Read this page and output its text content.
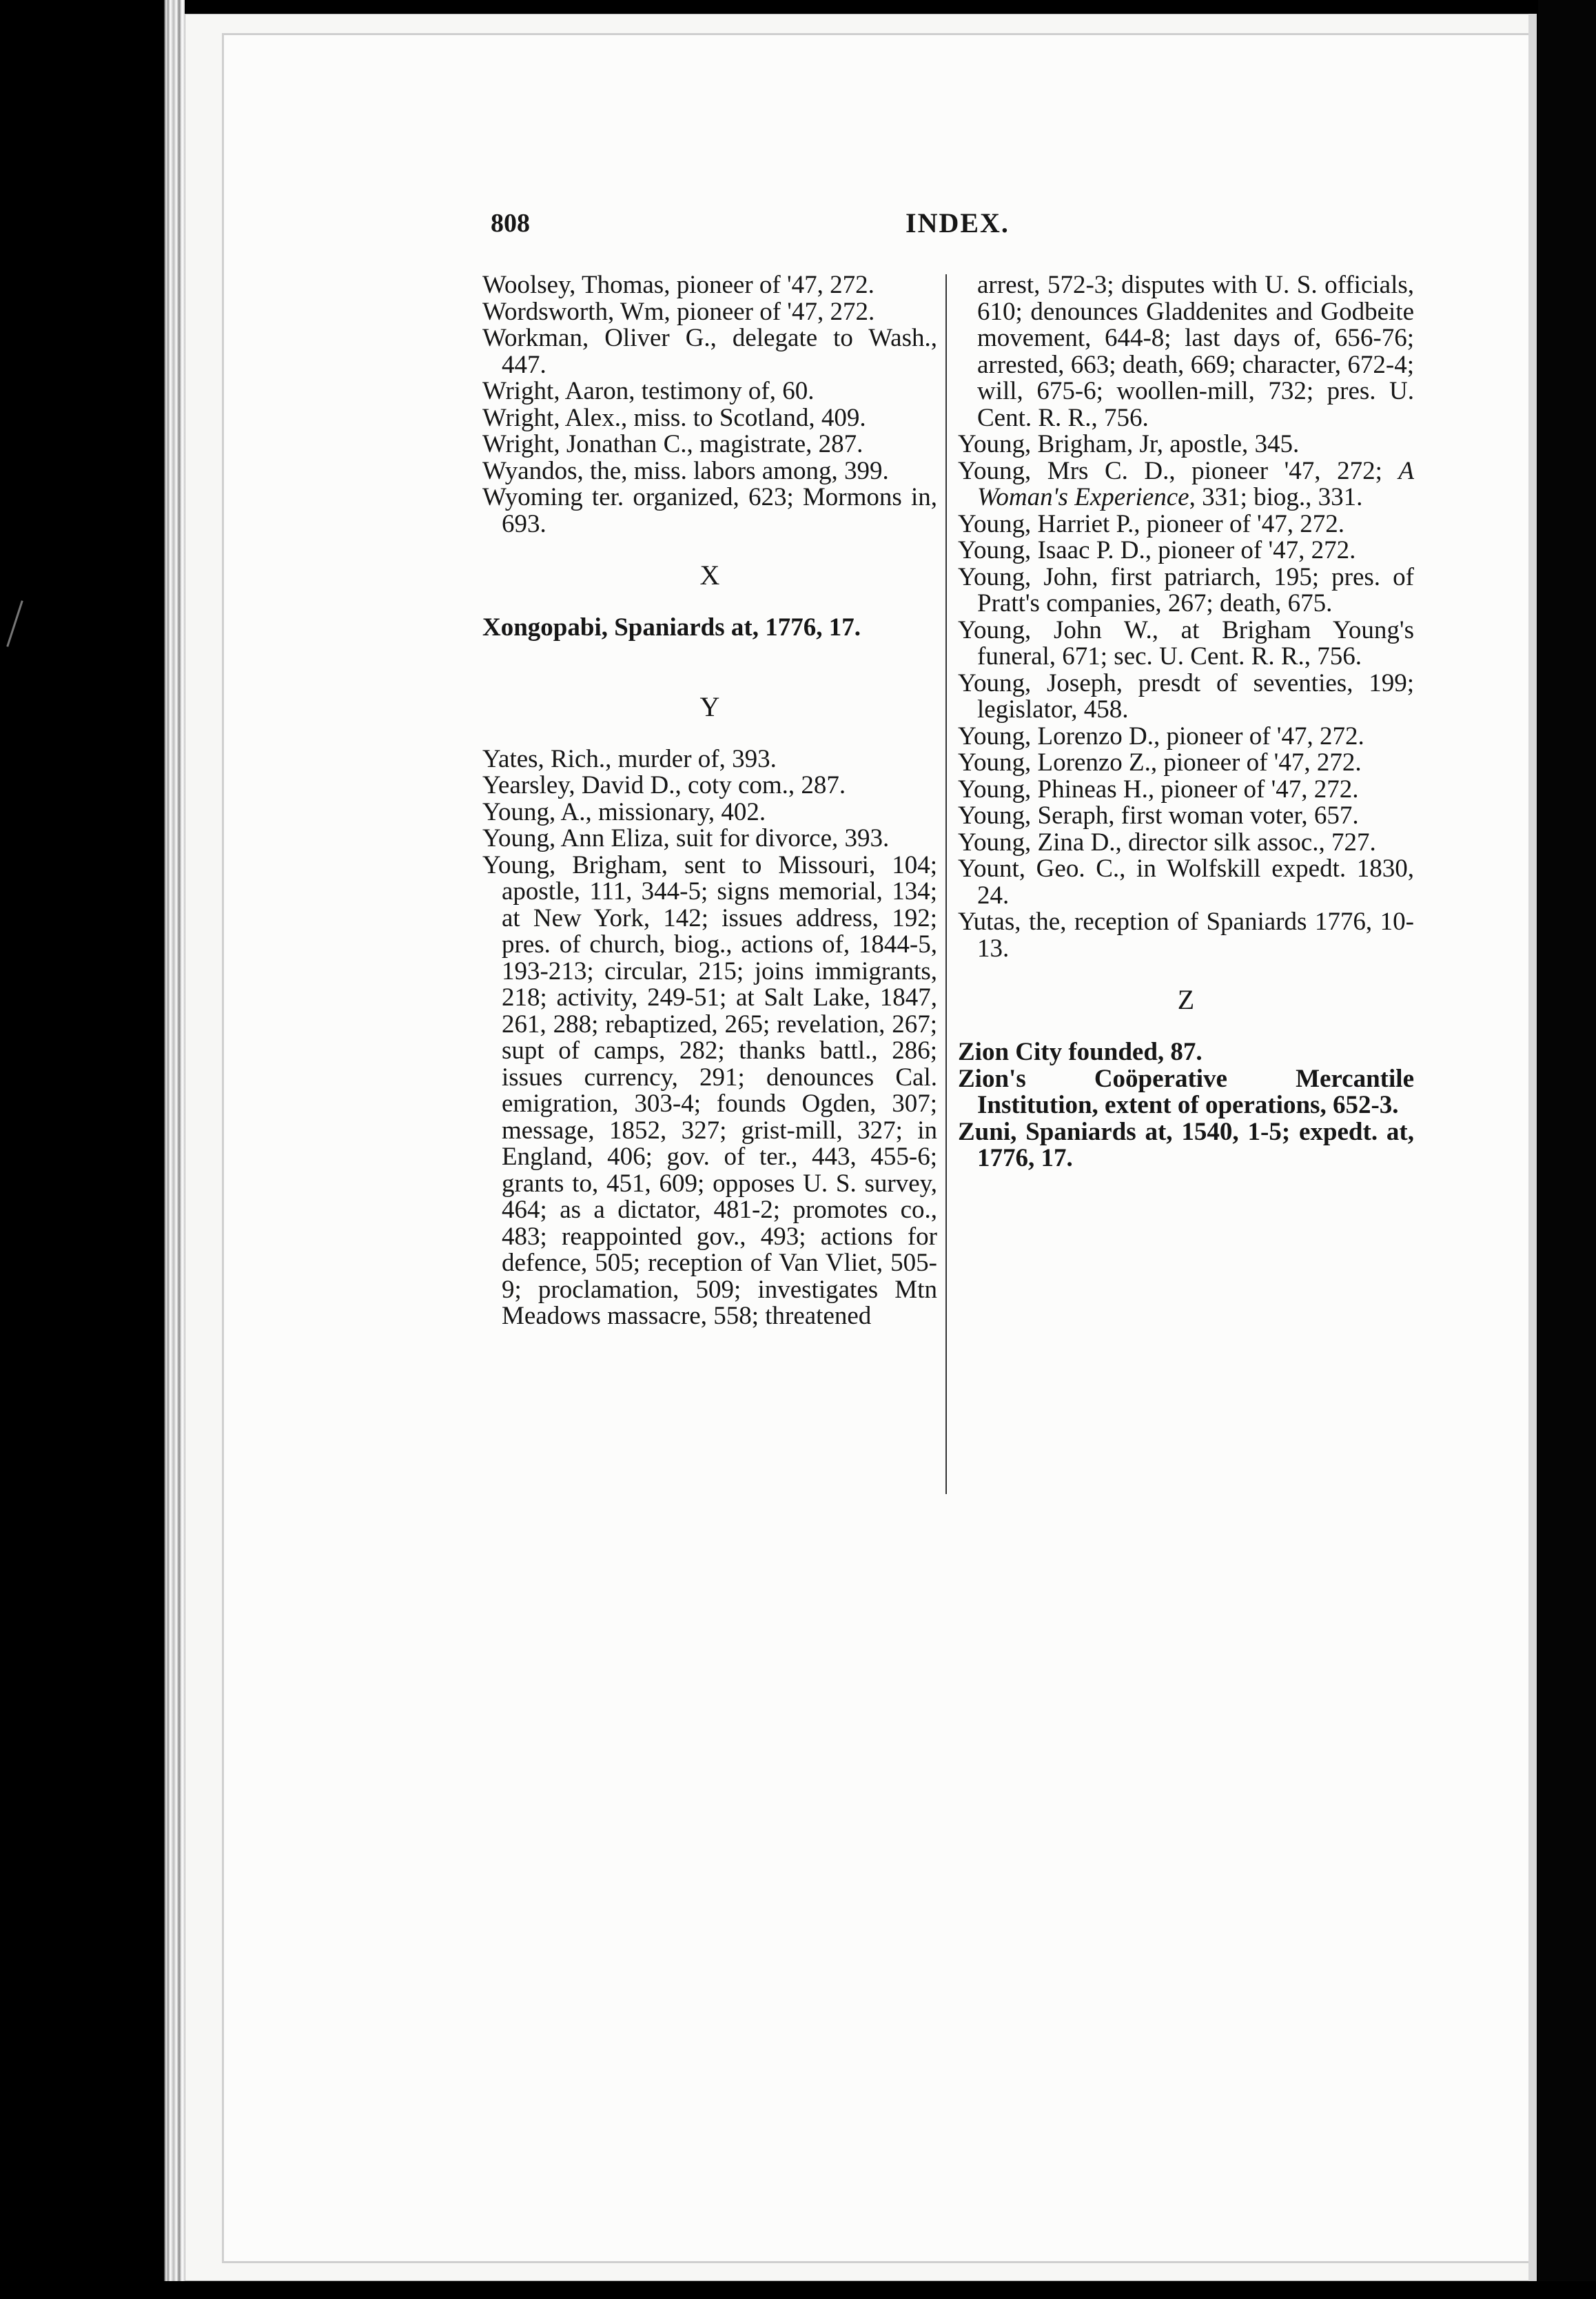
808	INDEX.

Woolsey, Thomas, pioneer of '47, 272.

Wordsworth, Wm, pioneer of '47, 272.

Workman, Oliver G., delegate to Wash., 447.

Wright, Aaron, testimony of, 60.

Wright, Alex., miss. to Scotland, 409.

Wright, Jonathan C., magistrate, 287.

Wyandos, the, miss. labors among, 399.

Wyoming ter. organized, 623; Mormons in, 693.

X

Xongopabi, Spaniards at, 1776, 17.

Y

Yates, Rich., murder of, 393.

Yearsley, David D., coty com., 287.

Young, A., missionary, 402.

Young, Ann Eliza, suit for divorce, 393.

Young, Brigham, sent to Missouri, 104; apostle, 111, 344-5; signs memorial, 134; at New York, 142; issues address, 192; pres. of church, biog., actions of, 1844-5, 193-213; circular, 215; joins immigrants, 218; activity, 249-51; at Salt Lake, 1847, 261, 288; rebaptized, 265; revelation, 267; supt of camps, 282; thanks battl., 286; issues currency, 291; denounces Cal. emigration, 303-4; founds Ogden, 307; message, 1852, 327; grist-mill, 327; in England, 406; gov. of ter., 443, 455-6; grants to, 451, 609; opposes U. S. survey, 464; as a dictator, 481-2; promotes co., 483; reappointed gov., 493; actions for defence, 505; reception of Van Vliet, 505-9; proclamation, 509; investigates Mtn Meadows massacre, 558; threatened

arrest, 572-3; disputes with U. S. officials, 610; denounces Gladdenites and Godbeite movement, 644-8; last days of, 656-76; arrested, 663; death, 669; character, 672-4; will, 675-6; woollen-mill, 732; pres. U. Cent. R. R., 756.

Young, Brigham, Jr, apostle, 345.

Young, Mrs C. D., pioneer '47, 272; A Woman's Experience, 331; biog., 331.

Young, Harriet P., pioneer of '47, 272.

Young, Isaac P. D., pioneer of '47, 272.

Young, John, first patriarch, 195; pres. of Pratt's companies, 267; death, 675.

Young, John W., at Brigham Young's funeral, 671; sec. U. Cent. R. R., 756.

Young, Joseph, presdt of seventies, 199; legislator, 458.

Young, Lorenzo D., pioneer of '47, 272.

Young, Lorenzo Z., pioneer of '47, 272.

Young, Phineas H., pioneer of '47, 272.

Young, Seraph, first woman voter, 657.

Young, Zina D., director silk assoc., 727.

Yount, Geo. C., in Wolfskill expedt. 1830, 24.

Yutas, the, reception of Spaniards 1776, 10-13.

Z

Zion City founded, 87.

Zion's Coöperative Mercantile Institution, extent of operations, 652-3.

Zuni, Spaniards at, 1540, 1-5; expedt. at, 1776, 17.
